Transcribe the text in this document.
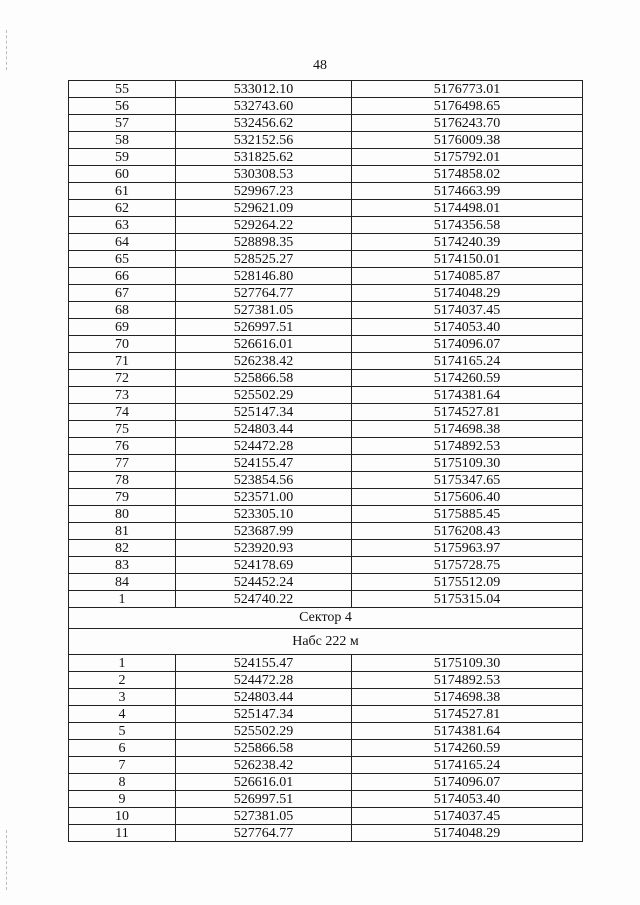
48
55	533012.10	5176773.01
56	532743.60	5176498.65
57	532456.62	5176243.70
58	532152.56	5176009.38
59	531825.62	5175792.01
60	530308.53	5174858.02
61	529967.23	5174663.99
62	529621.09	5174498.01
63	529264.22	5174356.58
64	528898.35	5174240.39
65	528525.27	5174150.01
66	528146.80	5174085.87
67	527764.77	5174048.29
68	527381.05	5174037.45
69	526997.51	5174053.40
70	526616.01	5174096.07
71	526238.42	5174165.24
72	525866.58	5174260.59
73	525502.29	5174381.64
74	525147.34	5174527.81
75	524803.44	5174698.38
76	524472.28	5174892.53
77	524155.47	5175109.30
78	523854.56	5175347.65
79	523571.00	5175606.40
80	523305.10	5175885.45
81	523687.99	5176208.43
82	523920.93	5175963.97
83	524178.69	5175728.75
84	524452.24	5175512.09
1	524740.22	5175315.04
Сектор 4		
Набс 222 м		
1	524155.47	5175109.30
2	524472.28	5174892.53
3	524803.44	5174698.38
4	525147.34	5174527.81
5	525502.29	5174381.64
6	525866.58	5174260.59
7	526238.42	5174165.24
8	526616.01	5174096.07
9	526997.51	5174053.40
10	527381.05	5174037.45
11	527764.77	5174048.29
